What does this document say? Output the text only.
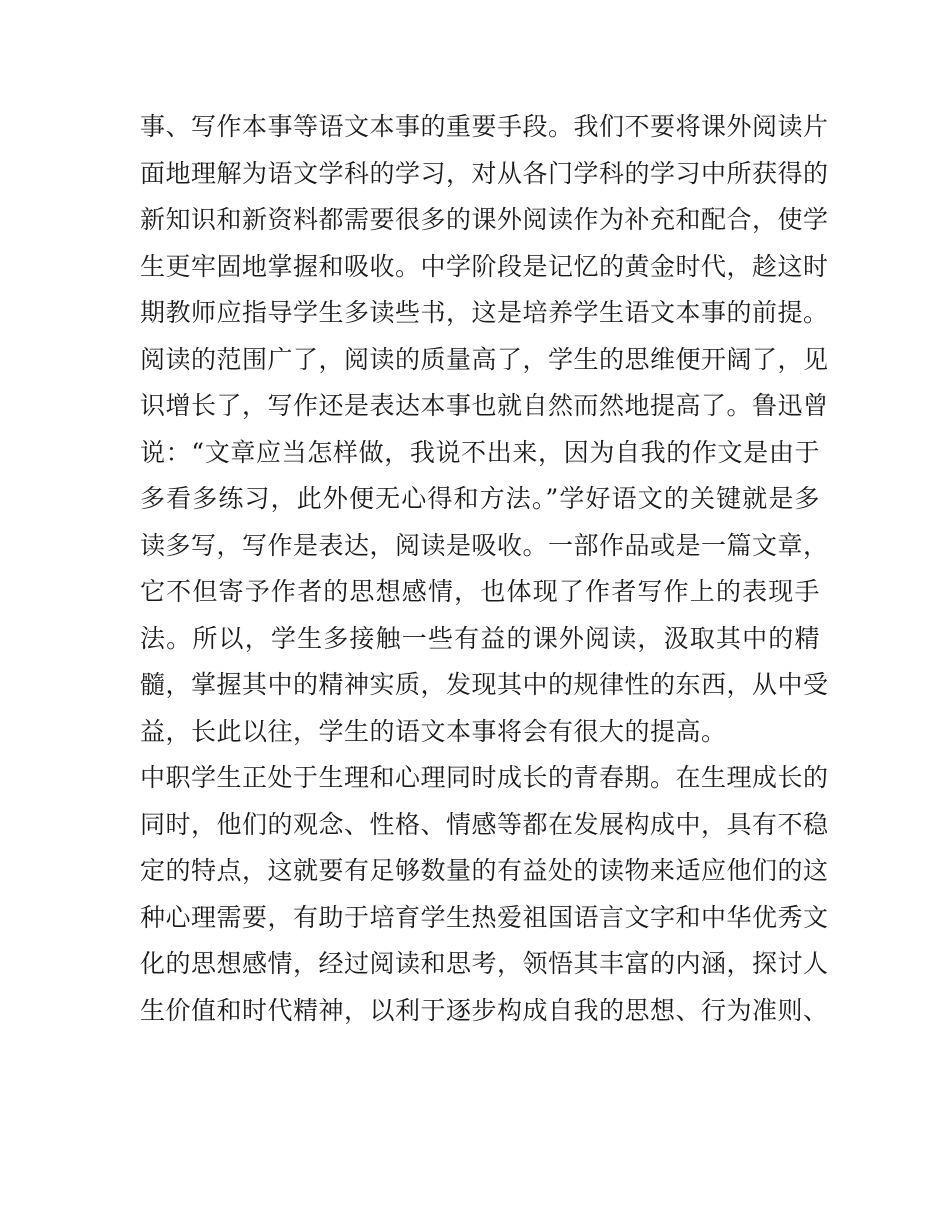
事、写作本事等语文本事的重要手段。我们不要将课外阅读片
面地理解为语文学科的学习，对从各门学科的学习中所获得的
新知识和新资料都需要很多的课外阅读作为补充和配合，使学
生更牢固地掌握和吸收。中学阶段是记忆的黄金时代，趁这时
期教师应指导学生多读些书，这是培养学生语文本事的前提。
阅读的范围广了，阅读的质量高了，学生的思维便开阔了，见
识增长了，写作还是表达本事也就自然而然地提高了。鲁迅曾
说：“文章应当怎样做，我说不出来，因为自我的作文是由于
多看多练习，此外便无心得和方法。”学好语文的关键就是多
读多写，写作是表达，阅读是吸收。一部作品或是一篇文章，
它不但寄予作者的思想感情，也体现了作者写作上的表现手
法。所以，学生多接触一些有益的课外阅读，汲取其中的精
髓，掌握其中的精神实质，发现其中的规律性的东西，从中受
益，长此以往，学生的语文本事将会有很大的提高。
中职学生正处于生理和心理同时成长的青春期。在生理成长的
同时，他们的观念、性格、情感等都在发展构成中，具有不稳
定的特点，这就要有足够数量的有益处的读物来适应他们的这
种心理需要，有助于培育学生热爱祖国语言文字和中华优秀文
化的思想感情，经过阅读和思考，领悟其丰富的内涵，探讨人
生价值和时代精神，以利于逐步构成自我的思想、行为准则、
